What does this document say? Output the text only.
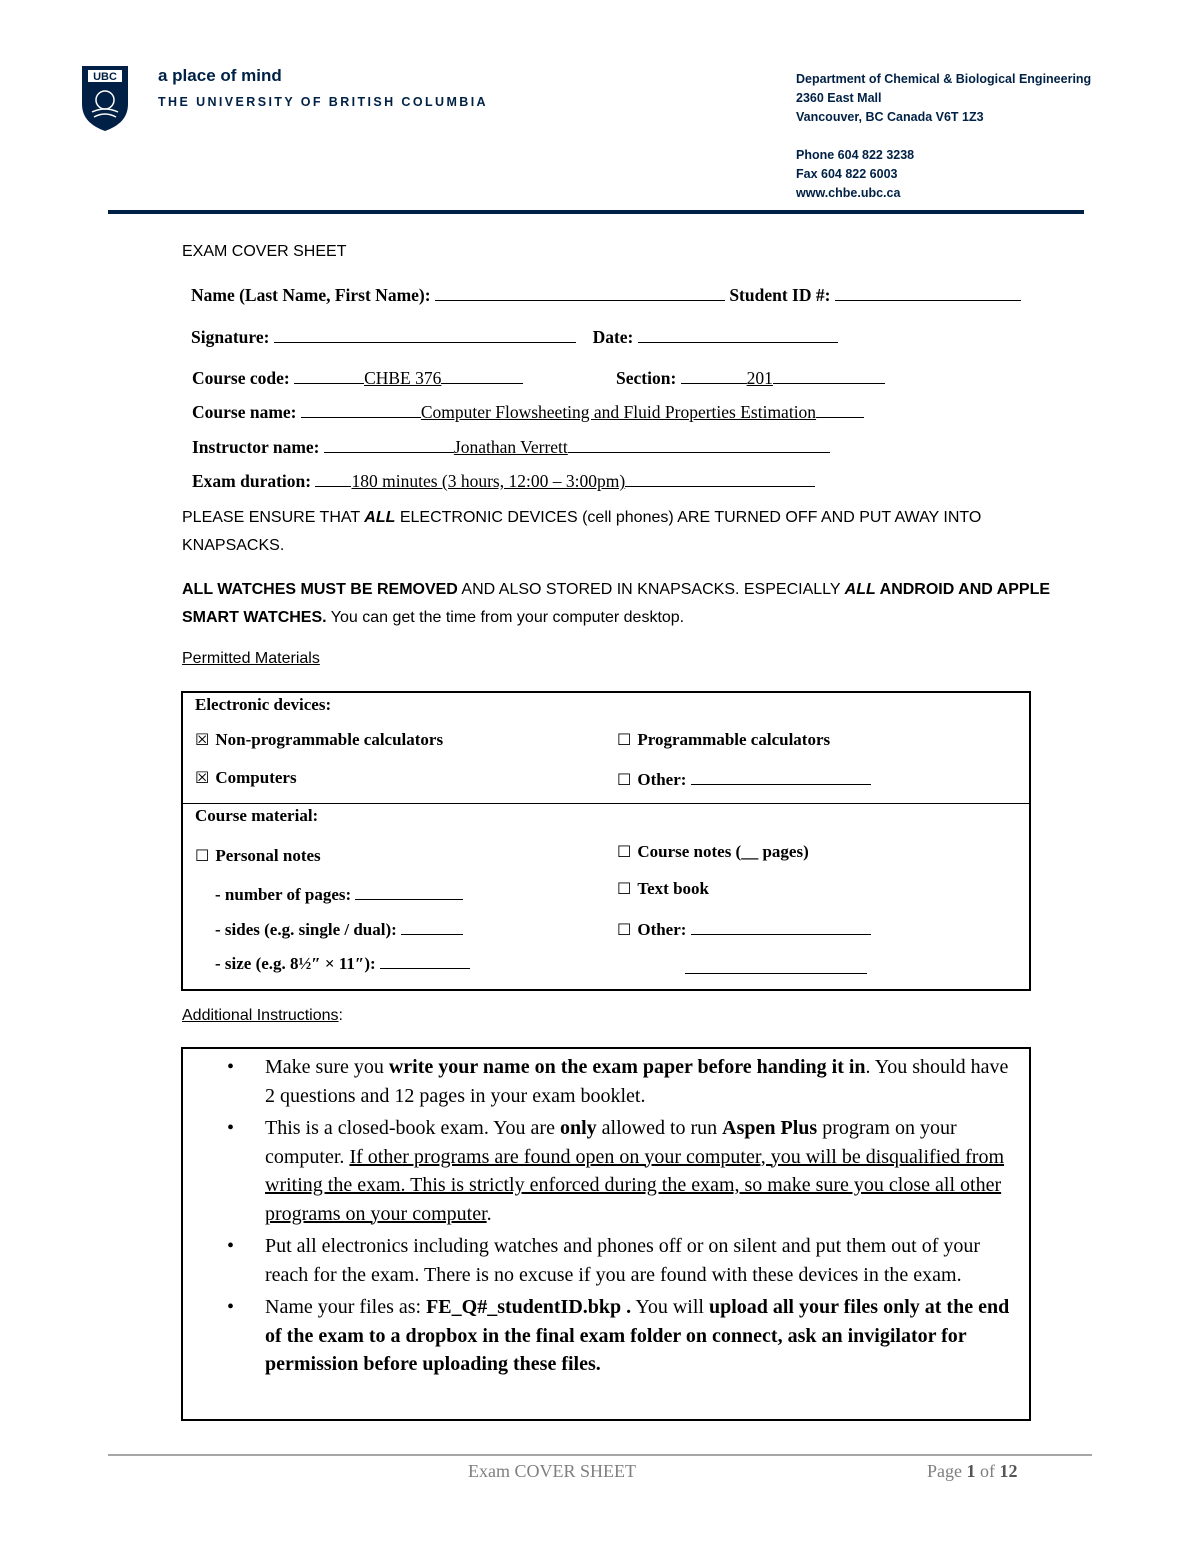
UBC a place of mind
THE UNIVERSITY OF BRITISH COLUMBIA
Department of Chemical & Biological Engineering
2360 East Mall
Vancouver, BC Canada V6T 1Z3
Phone 604 822 3238
Fax 604 822 6003
www.chbe.ubc.ca
EXAM COVER SHEET
Name (Last Name, First Name):	Student ID #:
Signature:	Date:
Course code:	CHBE 376	Section:	201
Course name:	Computer Flowsheeting and Fluid Properties Estimation
Instructor name:	Jonathan Verrett
Exam duration: 180 minutes (3 hours, 12:00 – 3:00pm)
PLEASE ENSURE THAT ALL ELECTRONIC DEVICES (cell phones) ARE TURNED OFF AND PUT AWAY INTO KNAPSACKS.
ALL WATCHES MUST BE REMOVED AND ALSO STORED IN KNAPSACKS. ESPECIALLY ALL ANDROID AND APPLE SMART WATCHES. You can get the time from your computer desktop.
Permitted Materials
Electronic devices:
☒ Non-programmable calculators	☐ Programmable calculators
☒ Computers	☐ Other:
Course material:
☐ Personal notes	☐ Course notes (__ pages)
- number of pages:	☐ Text book
- sides (e.g. single / dual):	☐ Other:
- size (e.g. 8½″ × 11″):
Additional Instructions:
• Make sure you write your name on the exam paper before handing it in. You should have 2 questions and 12 pages in your exam booklet.
• This is a closed-book exam. You are only allowed to run Aspen Plus program on your computer. If other programs are found open on your computer, you will be disqualified from writing the exam. This is strictly enforced during the exam, so make sure you close all other programs on your computer.
• Put all electronics including watches and phones off or on silent and put them out of your reach for the exam. There is no excuse if you are found with these devices in the exam.
• Name your files as: FE_Q#_studentID.bkp . You will upload all your files only at the end of the exam to a dropbox in the final exam folder on connect, ask an invigilator for permission before uploading these files.
Exam COVER SHEET	Page 1 of 12
